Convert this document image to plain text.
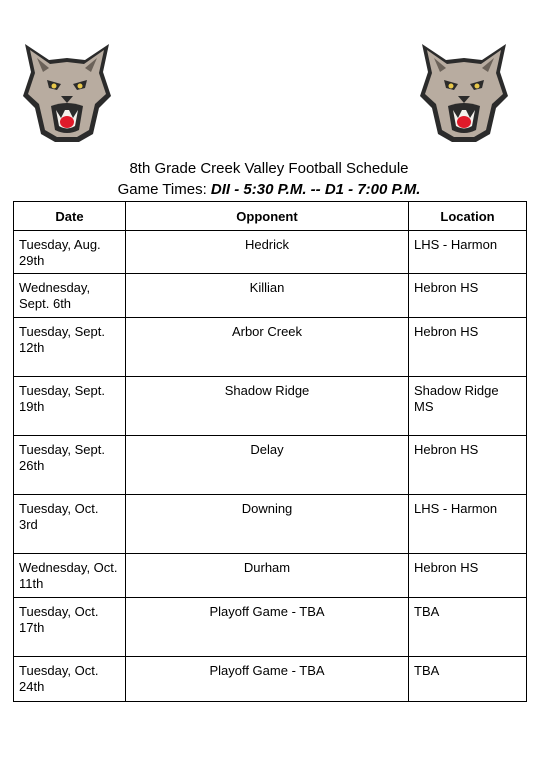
8th Grade Creek Valley Football Schedule
Game Times: DII - 5:30 P.M. -- D1 - 7:00 P.M.
Date	Opponent	Location
Tuesday, Aug. 29th	Hedrick	LHS - Harmon
Wednesday, Sept. 6th	Killian	Hebron HS
Tuesday, Sept. 12th	Arbor Creek	Hebron HS
Tuesday, Sept. 19th	Shadow Ridge	Shadow Ridge MS
Tuesday, Sept. 26th	Delay	Hebron HS
Tuesday, Oct. 3rd	Downing	LHS - Harmon
Wednesday, Oct. 11th	Durham	Hebron HS
Tuesday, Oct. 17th	Playoff Game - TBA	TBA
Tuesday, Oct. 24th	Playoff Game - TBA	TBA
